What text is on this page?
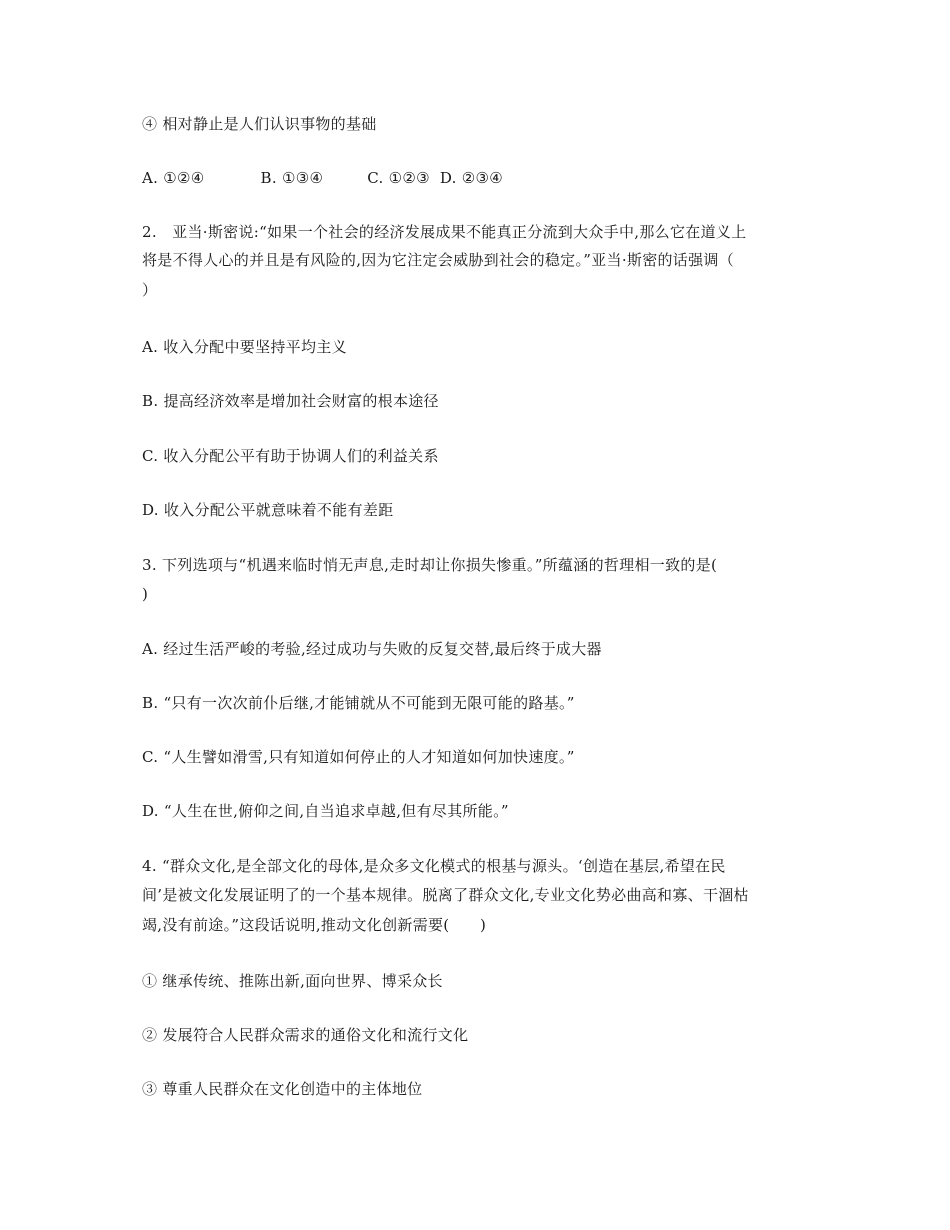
④ 相对静止是人们认识事物的基础
A. ①②④	B. ①③④	C. ①②③ D. ②③④
2.　亚当·斯密说:“如果一个社会的经济发展成果不能真正分流到大众手中,那么它在道义上
将是不得人心的并且是有风险的,因为它注定会威胁到社会的稳定。”亚当·斯密的话强调（
）
A. 收入分配中要坚持平均主义
B. 提高经济效率是增加社会财富的根本途径
C. 收入分配公平有助于协调人们的利益关系
D. 收入分配公平就意味着不能有差距
3. 下列选项与“机遇来临时悄无声息,走时却让你损失惨重。”所蕴涵的哲理相一致的是(
)
A. 经过生活严峻的考验,经过成功与失败的反复交替,最后终于成大器
B. “只有一次次前仆后继,才能铺就从不可能到无限可能的路基。”
C. “人生譬如滑雪,只有知道如何停止的人才知道如何加快速度。”
D. “人生在世,俯仰之间,自当追求卓越,但有尽其所能。”
4. “群众文化,是全部文化的母体,是众多文化模式的根基与源头。‘创造在基层,希望在民
间’是被文化发展证明了的一个基本规律。脱离了群众文化,专业文化势必曲高和寡、干涸枯
竭,没有前途。”这段话说明,推动文化创新需要(　　)
① 继承传统、推陈出新,面向世界、博采众长
② 发展符合人民群众需求的通俗文化和流行文化
③ 尊重人民群众在文化创造中的主体地位
